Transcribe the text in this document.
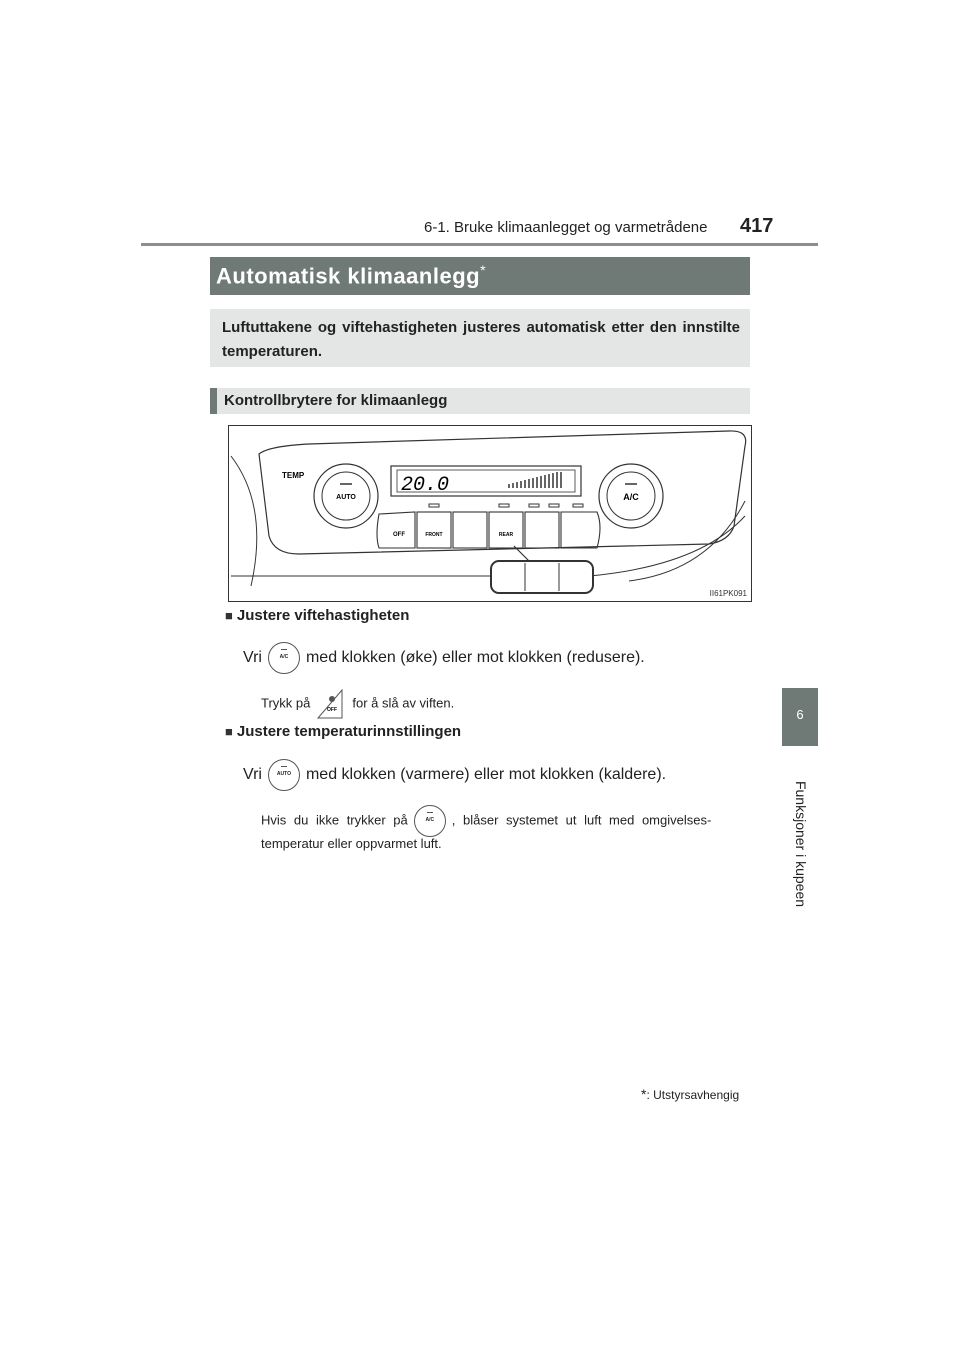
6-1. Bruke klimaanlegget og varmetrådene 417
6
Funksjoner i kupeen
Automatisk klimaanlegg*
Luftuttakene og viftehastigheten justeres automatisk etter den innstilte temperaturen.
Kontrollbrytere for klimaanlegg
TEMP
AUTO
20.0	A/C
OFF	FRONT	REAR
II61PK091
■ Justere viftehastigheten
Vri	A/C	med klokken (øke) eller mot klokken (redusere).
Trykk på	OFF for å slå av viften.
■ Justere temperaturinnstillingen
Vri	AUTO med klokken (varmere) eller mot klokken (kaldere).
Hvis du ikke trykker på	A/C	, blåser systemet ut luft med omgivelses-
temperatur eller oppvarmet luft.
*: Utstyrsavhengig
